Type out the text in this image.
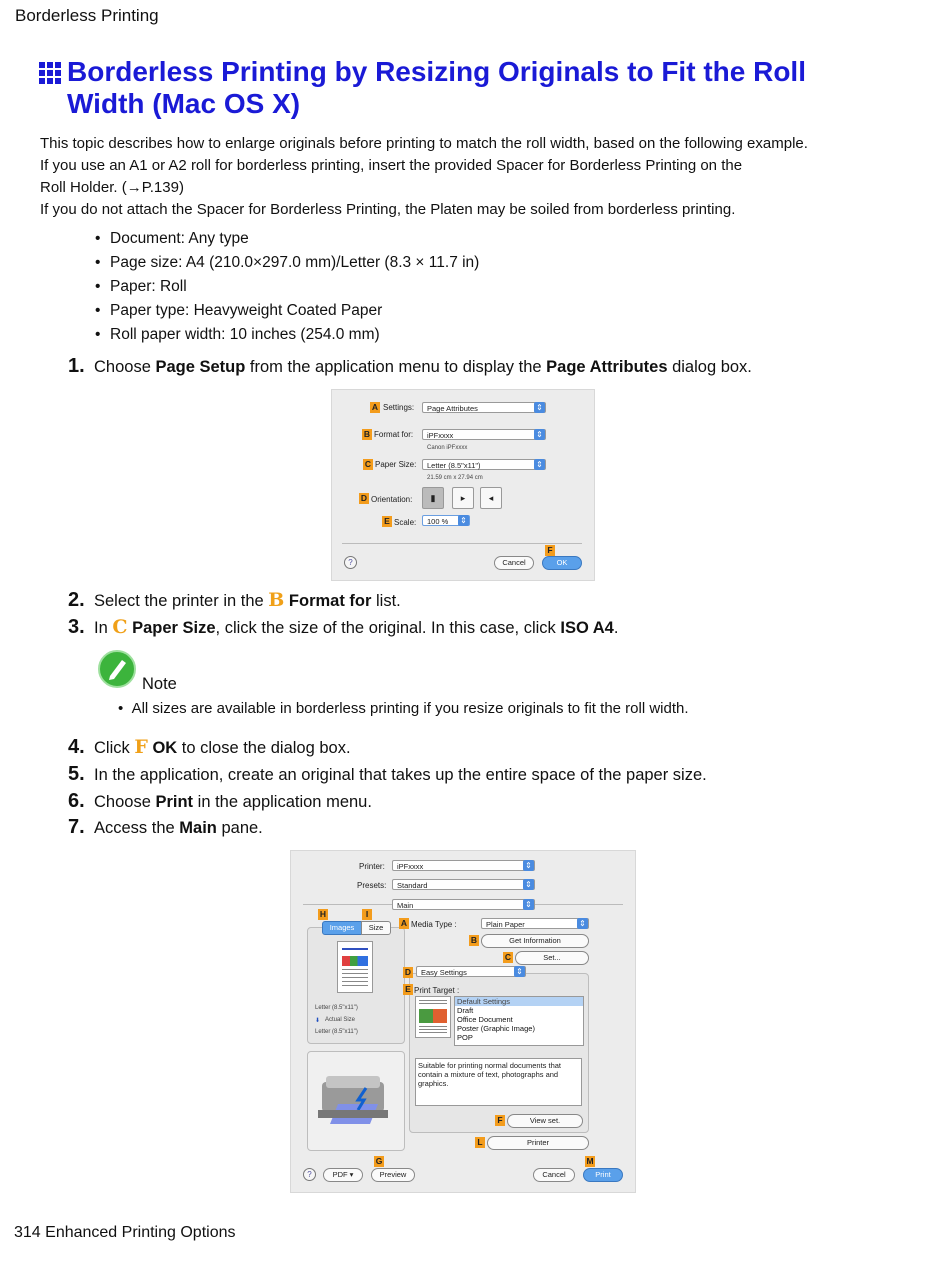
Borderless Printing
Borderless Printing by Resizing Originals to Fit the Roll Width (Mac OS X)
This topic describes how to enlarge originals before printing to match the roll width, based on the following example.
If you use an A1 or A2 roll for borderless printing, insert the provided Spacer for Borderless Printing on the
Roll Holder. (→P.139)
If you do not attach the Spacer for Borderless Printing, the Platen may be soiled from borderless printing.
• Document: Any type
• Page size: A4 (210.0×297.0 mm)/Letter (8.3 × 11.7 in)
• Paper: Roll
• Paper type: Heavyweight Coated Paper
• Roll paper width: 10 inches (254.0 mm)
1. Choose Page Setup from the application menu to display the Page Attributes dialog box.
A Settings:	Page Attributes ⇕
B Format for:	iPFxxxx ⇕
Canon iPFxxxx
C Paper Size:	Letter (8.5"x11") ⇕
21.59 cm x 27.94 cm
D Orientation:	▮	▸	◂
E Scale:	100 % ⇕
F
?	Cancel	OK
2. Select the printer in the B Format for list.
3. In C Paper Size, click the size of the original. In this case, click ISO A4.
Note
•  All sizes are available in borderless printing if you resize originals to fit the roll width.
4. Click F OK to close the dialog box.
5. In the application, create an original that takes up the entire space of the paper size.
6. Choose Print in the application menu.
7. Access the Main pane.
Printer:	iPFxxxx ⇕
Presets:	Standard ⇕
Main ⇕
H	I
Images	Size
Letter (8.5"x11")
⬇ Actual Size
Letter (8.5"x11")
A Media Type :	Plain Paper ⇕
B	Get Information
C	Set...
D	Easy Settings ⇕
E Print Target :
Default Settings
Draft
Office Document
Poster (Graphic Image)
POP
Suitable for printing normal documents that contain a mixture of text, photographs and graphics.
F	View set.
L	Printer
G	M
?	PDF ▾	Preview	Cancel	Print
314 Enhanced Printing Options
